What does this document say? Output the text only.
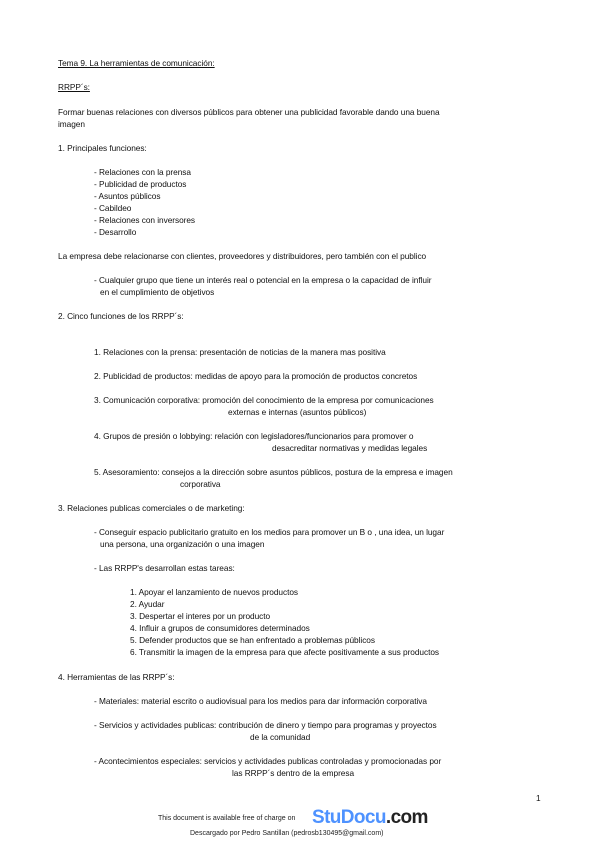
Tema 9. La herramientas de comunicación:
RRPP´s:
Formar buenas relaciones con diversos públicos para obtener una publicidad favorable dando una buena
imagen
1. Principales funciones:
- Relaciones con la prensa
- Publicidad de productos
- Asuntos públicos
- Cabildeo
- Relaciones con inversores
- Desarrollo
La empresa debe relacionarse con clientes, proveedores y distribuidores, pero también con el publico
- Cualquier grupo que tiene un interés real o potencial en la empresa o la capacidad de influir
en el cumplimiento de objetivos
2. Cinco funciones de los RRPP´s:
1. Relaciones con la prensa: presentación de noticias de la manera mas positiva
2. Publicidad de productos: medidas de apoyo para la promoción de productos concretos
3. Comunicación corporativa: promoción del conocimiento de la empresa por comunicaciones
externas e internas (asuntos públicos)
4. Grupos de presión o lobbying: relación con legisladores/funcionarios para promover o
desacreditar normativas y medidas legales
5. Asesoramiento: consejos a la dirección sobre asuntos públicos, postura de la empresa e imagen
corporativa
3. Relaciones publicas comerciales o de marketing:
- Conseguir espacio publicitario gratuito en los medios para promover un B o , una idea, un lugar
una persona, una organización o una imagen
- Las RRPP's desarrollan estas tareas:
1. Apoyar el lanzamiento de nuevos productos
2. Ayudar
3. Despertar el interes por un producto
4. Influir a grupos de consumidores determinados
5. Defender productos que se han enfrentado a problemas públicos
6. Transmitir la imagen de la empresa para que afecte positivamente a sus productos
4. Herramientas de las RRPP´s:
- Materiales: material escrito o audiovisual para los medios para dar información corporativa
- Servicios y actividades publicas: contribución de dinero y tiempo para programas y proyectos
de la comunidad
- Acontecimientos especiales: servicios y actividades publicas controladas y promocionadas por
las RRPP´s dentro de la empresa
1
This document is available free of charge on StuDocu.com
Descargado por Pedro Santillan (pedrosb130495@gmail.com)
